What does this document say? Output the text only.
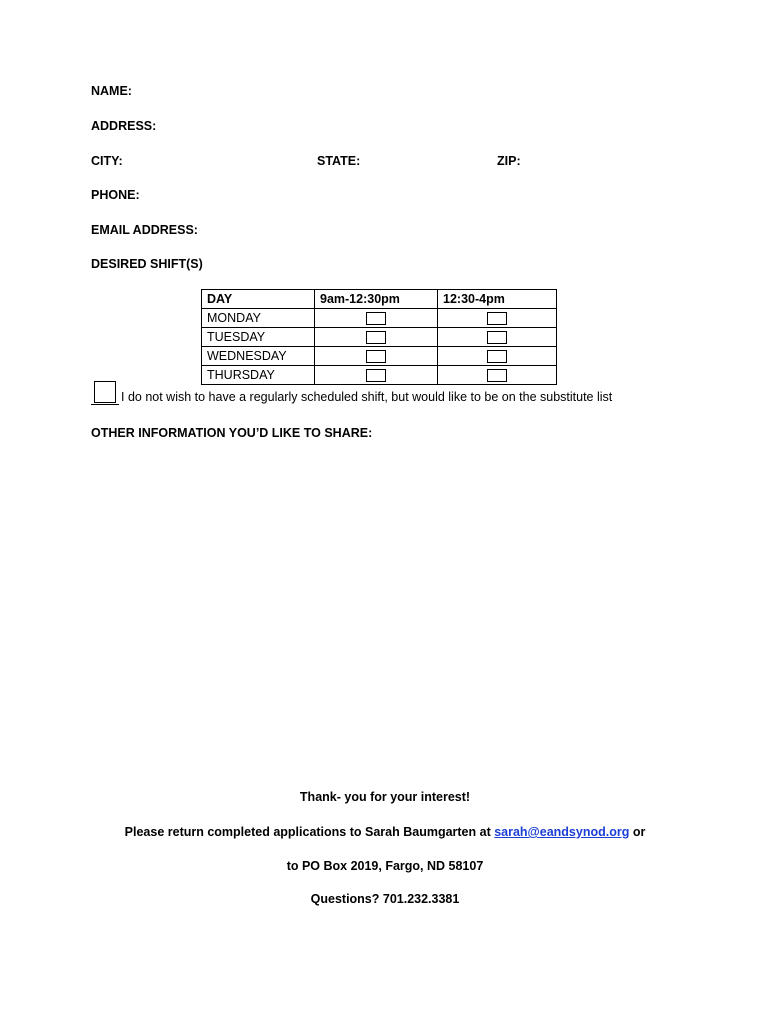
NAME:
ADDRESS:
CITY:	STATE:	ZIP:
PHONE:
EMAIL ADDRESS:
DESIRED SHIFT(S)
DAY	9am-12:30pm	12:30-4pm
MONDAY	

TUESDAY	

WEDNESDAY	

THURSDAY	

I do not wish to have a regularly scheduled shift, but would like to be on the substitute list
OTHER INFORMATION YOU’D LIKE TO SHARE:
Thank- you for your interest!
Please return completed applications to Sarah Baumgarten at sarah@eandsynod.org or
to PO Box 2019, Fargo, ND 58107
Questions? 701.232.3381
